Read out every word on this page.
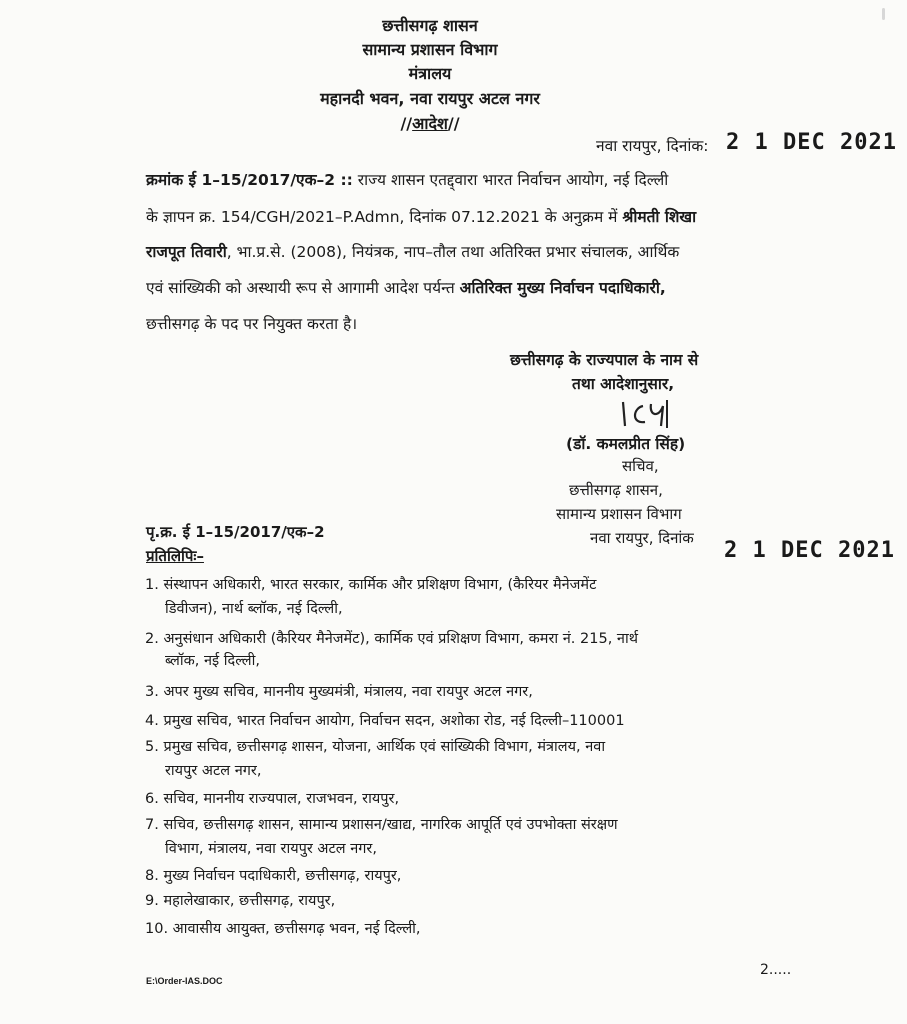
छत्तीसगढ़ शासन
सामान्य प्रशासन विभाग
मंत्रालय
महानदी भवन, नवा रायपुर अटल नगर
//आदेश//
नवा रायपुर, दिनांक: 2 1 DEC 2021
क्रमांक ई 1–15/2017/एक–2 :: राज्य शासन एतद्द्वारा भारत निर्वाचन आयोग, नई दिल्ली
के ज्ञापन क्र. 154/CGH/2021–P.Admn, दिनांक 07.12.2021 के अनुक्रम में श्रीमती शिखा
राजपूत तिवारी, भा.प्र.से. (2008), नियंत्रक, नाप–तौल तथा अतिरिक्त प्रभार संचालक, आर्थिक
एवं सांख्यिकी को अस्थायी रूप से आगामी आदेश पर्यन्त अतिरिक्त मुख्य निर्वाचन पदाधिकारी,
छत्तीसगढ़ के पद पर नियुक्त करता है।
छत्तीसगढ़ के राज्यपाल के नाम से
तथा आदेशानुसार,
(डॉ. कमलप्रीत सिंह)
सचिव,
छत्तीसगढ़ शासन,
सामान्य प्रशासन विभाग
पृ.क्र. ई 1–15/2017/एक–2	नवा रायपुर, दिनांक 2 1 DEC 2021
प्रतिलिपिः–
1. संस्थापन अधिकारी, भारत सरकार, कार्मिक और प्रशिक्षण विभाग, (कैरियर मैनेजमेंट
डिवीजन), नार्थ ब्लॉक, नई दिल्ली,
2. अनुसंधान अधिकारी (कैरियर मैनेजमेंट), कार्मिक एवं प्रशिक्षण विभाग, कमरा नं. 215, नार्थ
ब्लॉक, नई दिल्ली,
3. अपर मुख्य सचिव, माननीय मुख्यमंत्री, मंत्रालय, नवा रायपुर अटल नगर,
4. प्रमुख सचिव, भारत निर्वाचन आयोग, निर्वाचन सदन, अशोका रोड, नई दिल्ली–110001
5. प्रमुख सचिव, छत्तीसगढ़ शासन, योजना, आर्थिक एवं सांख्यिकी विभाग, मंत्रालय, नवा
रायपुर अटल नगर,
6. सचिव, माननीय राज्यपाल, राजभवन, रायपुर,
7. सचिव, छत्तीसगढ़ शासन, सामान्य प्रशासन/खाद्य, नागरिक आपूर्ति एवं उपभोक्ता संरक्षण
विभाग, मंत्रालय, नवा रायपुर अटल नगर,
8. मुख्य निर्वाचन पदाधिकारी, छत्तीसगढ़, रायपुर,
9. महालेखाकार, छत्तीसगढ़, रायपुर,
10. आवासीय आयुक्त, छत्तीसगढ़ भवन, नई दिल्ली,
E:\Order-IAS.DOC
2.....
